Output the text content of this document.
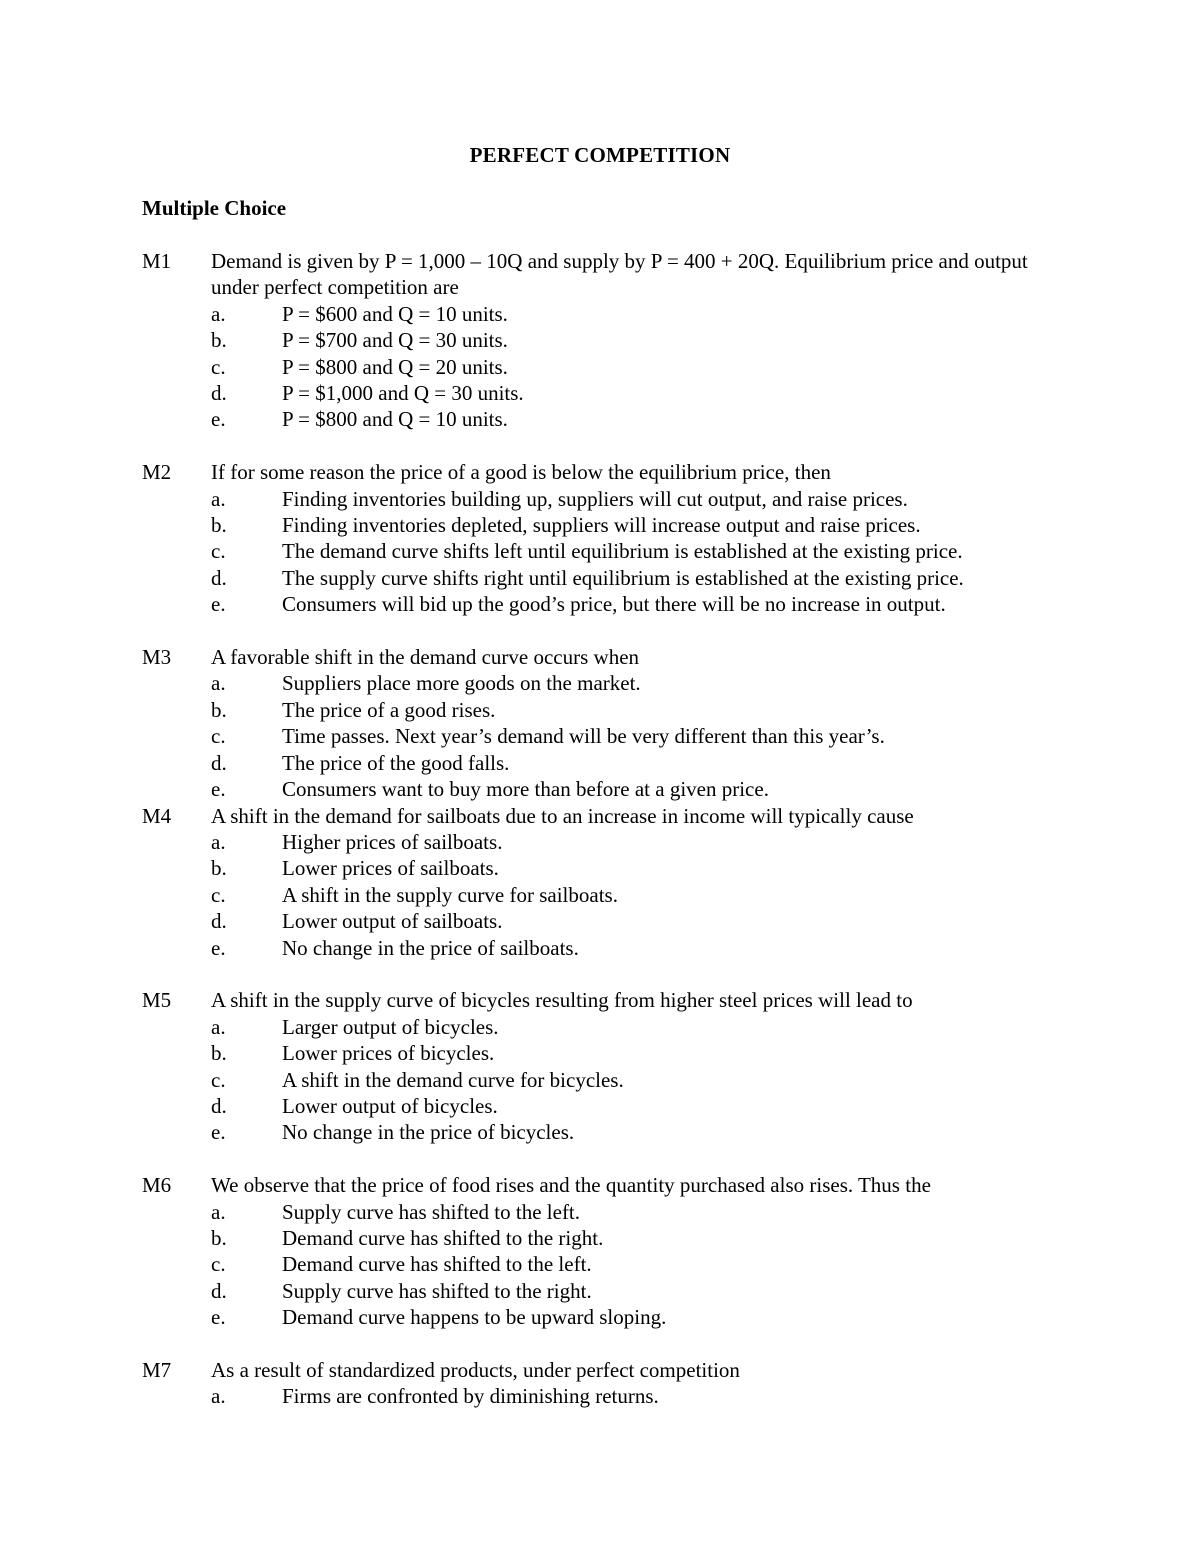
PERFECT COMPETITION
Multiple Choice
M1	Demand is given by P = 1,000 – 10Q and supply by P = 400 + 20Q. Equilibrium price and output under perfect competition are
a.	P = $600 and Q = 10 units.
b.	P = $700 and Q = 30 units.
c.	P = $800 and Q = 20 units.
d.	P = $1,000 and Q = 30 units.
e.	P = $800 and Q = 10 units.
M2	If for some reason the price of a good is below the equilibrium price, then
a.	Finding inventories building up, suppliers will cut output, and raise prices.
b.	Finding inventories depleted, suppliers will increase output and raise prices.
c.	The demand curve shifts left until equilibrium is established at the existing price.
d.	The supply curve shifts right until equilibrium is established at the existing price.
e.	Consumers will bid up the good’s price, but there will be no increase in output.
M3	A favorable shift in the demand curve occurs when
a.	Suppliers place more goods on the market.
b.	The price of a good rises.
c.	Time passes. Next year’s demand will be very different than this year’s.
d.	The price of the good falls.
e.	Consumers want to buy more than before at a given price.
M4	A shift in the demand for sailboats due to an increase in income will typically cause
a.	Higher prices of sailboats.
b.	Lower prices of sailboats.
c.	A shift in the supply curve for sailboats.
d.	Lower output of sailboats.
e.	No change in the price of sailboats.
M5	A shift in the supply curve of bicycles resulting from higher steel prices will lead to
a.	Larger output of bicycles.
b.	Lower prices of bicycles.
c.	A shift in the demand curve for bicycles.
d.	Lower output of bicycles.
e.	No change in the price of bicycles.
M6	We observe that the price of food rises and the quantity purchased also rises. Thus the
a.	Supply curve has shifted to the left.
b.	Demand curve has shifted to the right.
c.	Demand curve has shifted to the left.
d.	Supply curve has shifted to the right.
e.	Demand curve happens to be upward sloping.
M7	As a result of standardized products, under perfect competition
a.	Firms are confronted by diminishing returns.
